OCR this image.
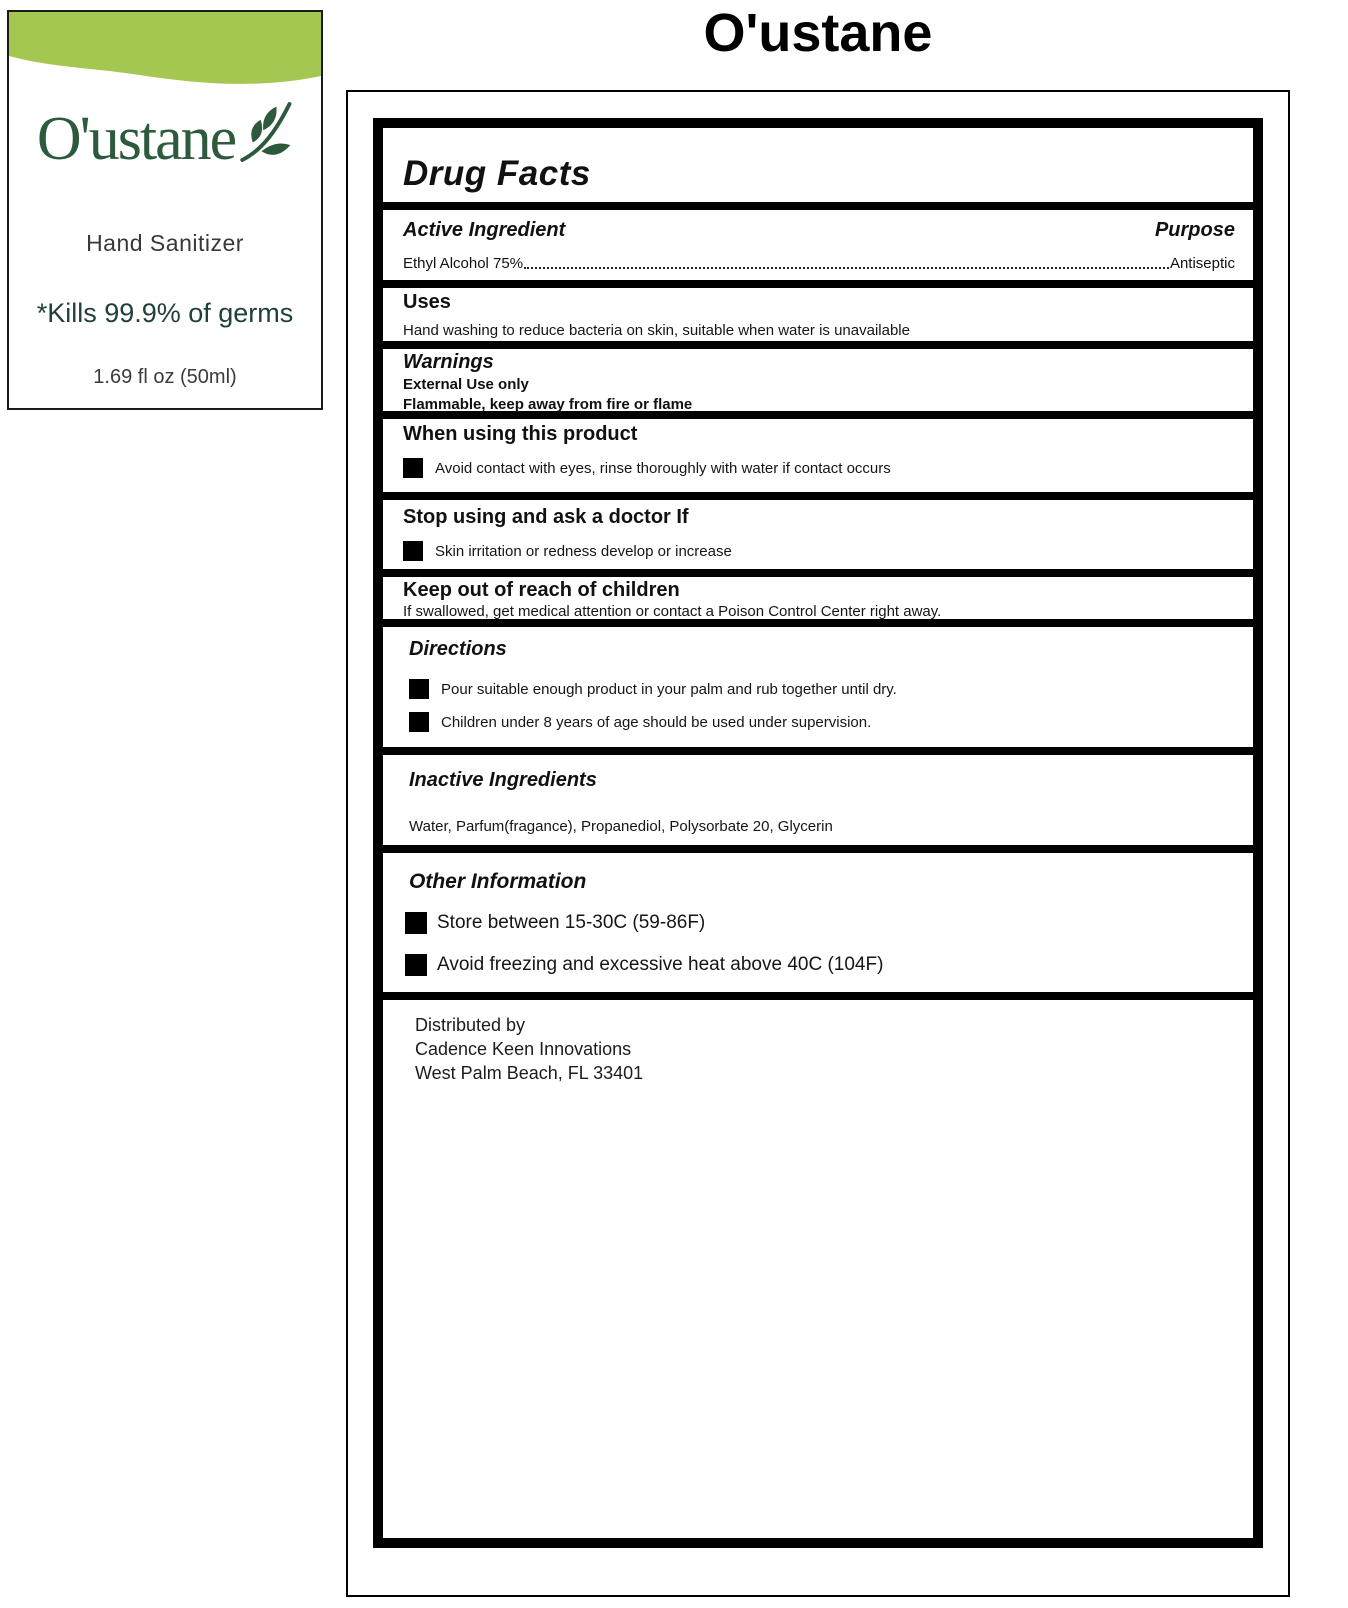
O'ustane
Hand Sanitizer
*Kills 99.9% of germs
1.69 fl oz (50ml)
O'ustane
Drug Facts
Active Ingredient	Purpose
Ethyl Alcohol 75%	Antiseptic
Uses
Hand washing to reduce bacteria on skin, suitable when water is unavailable
Warnings
External Use only
Flammable, keep away from fire or flame
When using this product
Avoid contact with eyes, rinse thoroughly with water if contact occurs
Stop using and ask a doctor If
Skin irritation or redness develop or increase
Keep out of reach of children
If swallowed, get medical attention or contact a Poison Control Center right away.
Directions
Pour suitable enough product in your palm and rub together until dry.
Children under 8 years of age should be used under supervision.
Inactive Ingredients
Water, Parfum(fragance), Propanediol, Polysorbate 20, Glycerin
Other Information
Store between 15-30C (59-86F)
Avoid freezing and excessive heat above 40C (104F)
Distributed by
Cadence Keen Innovations
West Palm Beach, FL 33401
